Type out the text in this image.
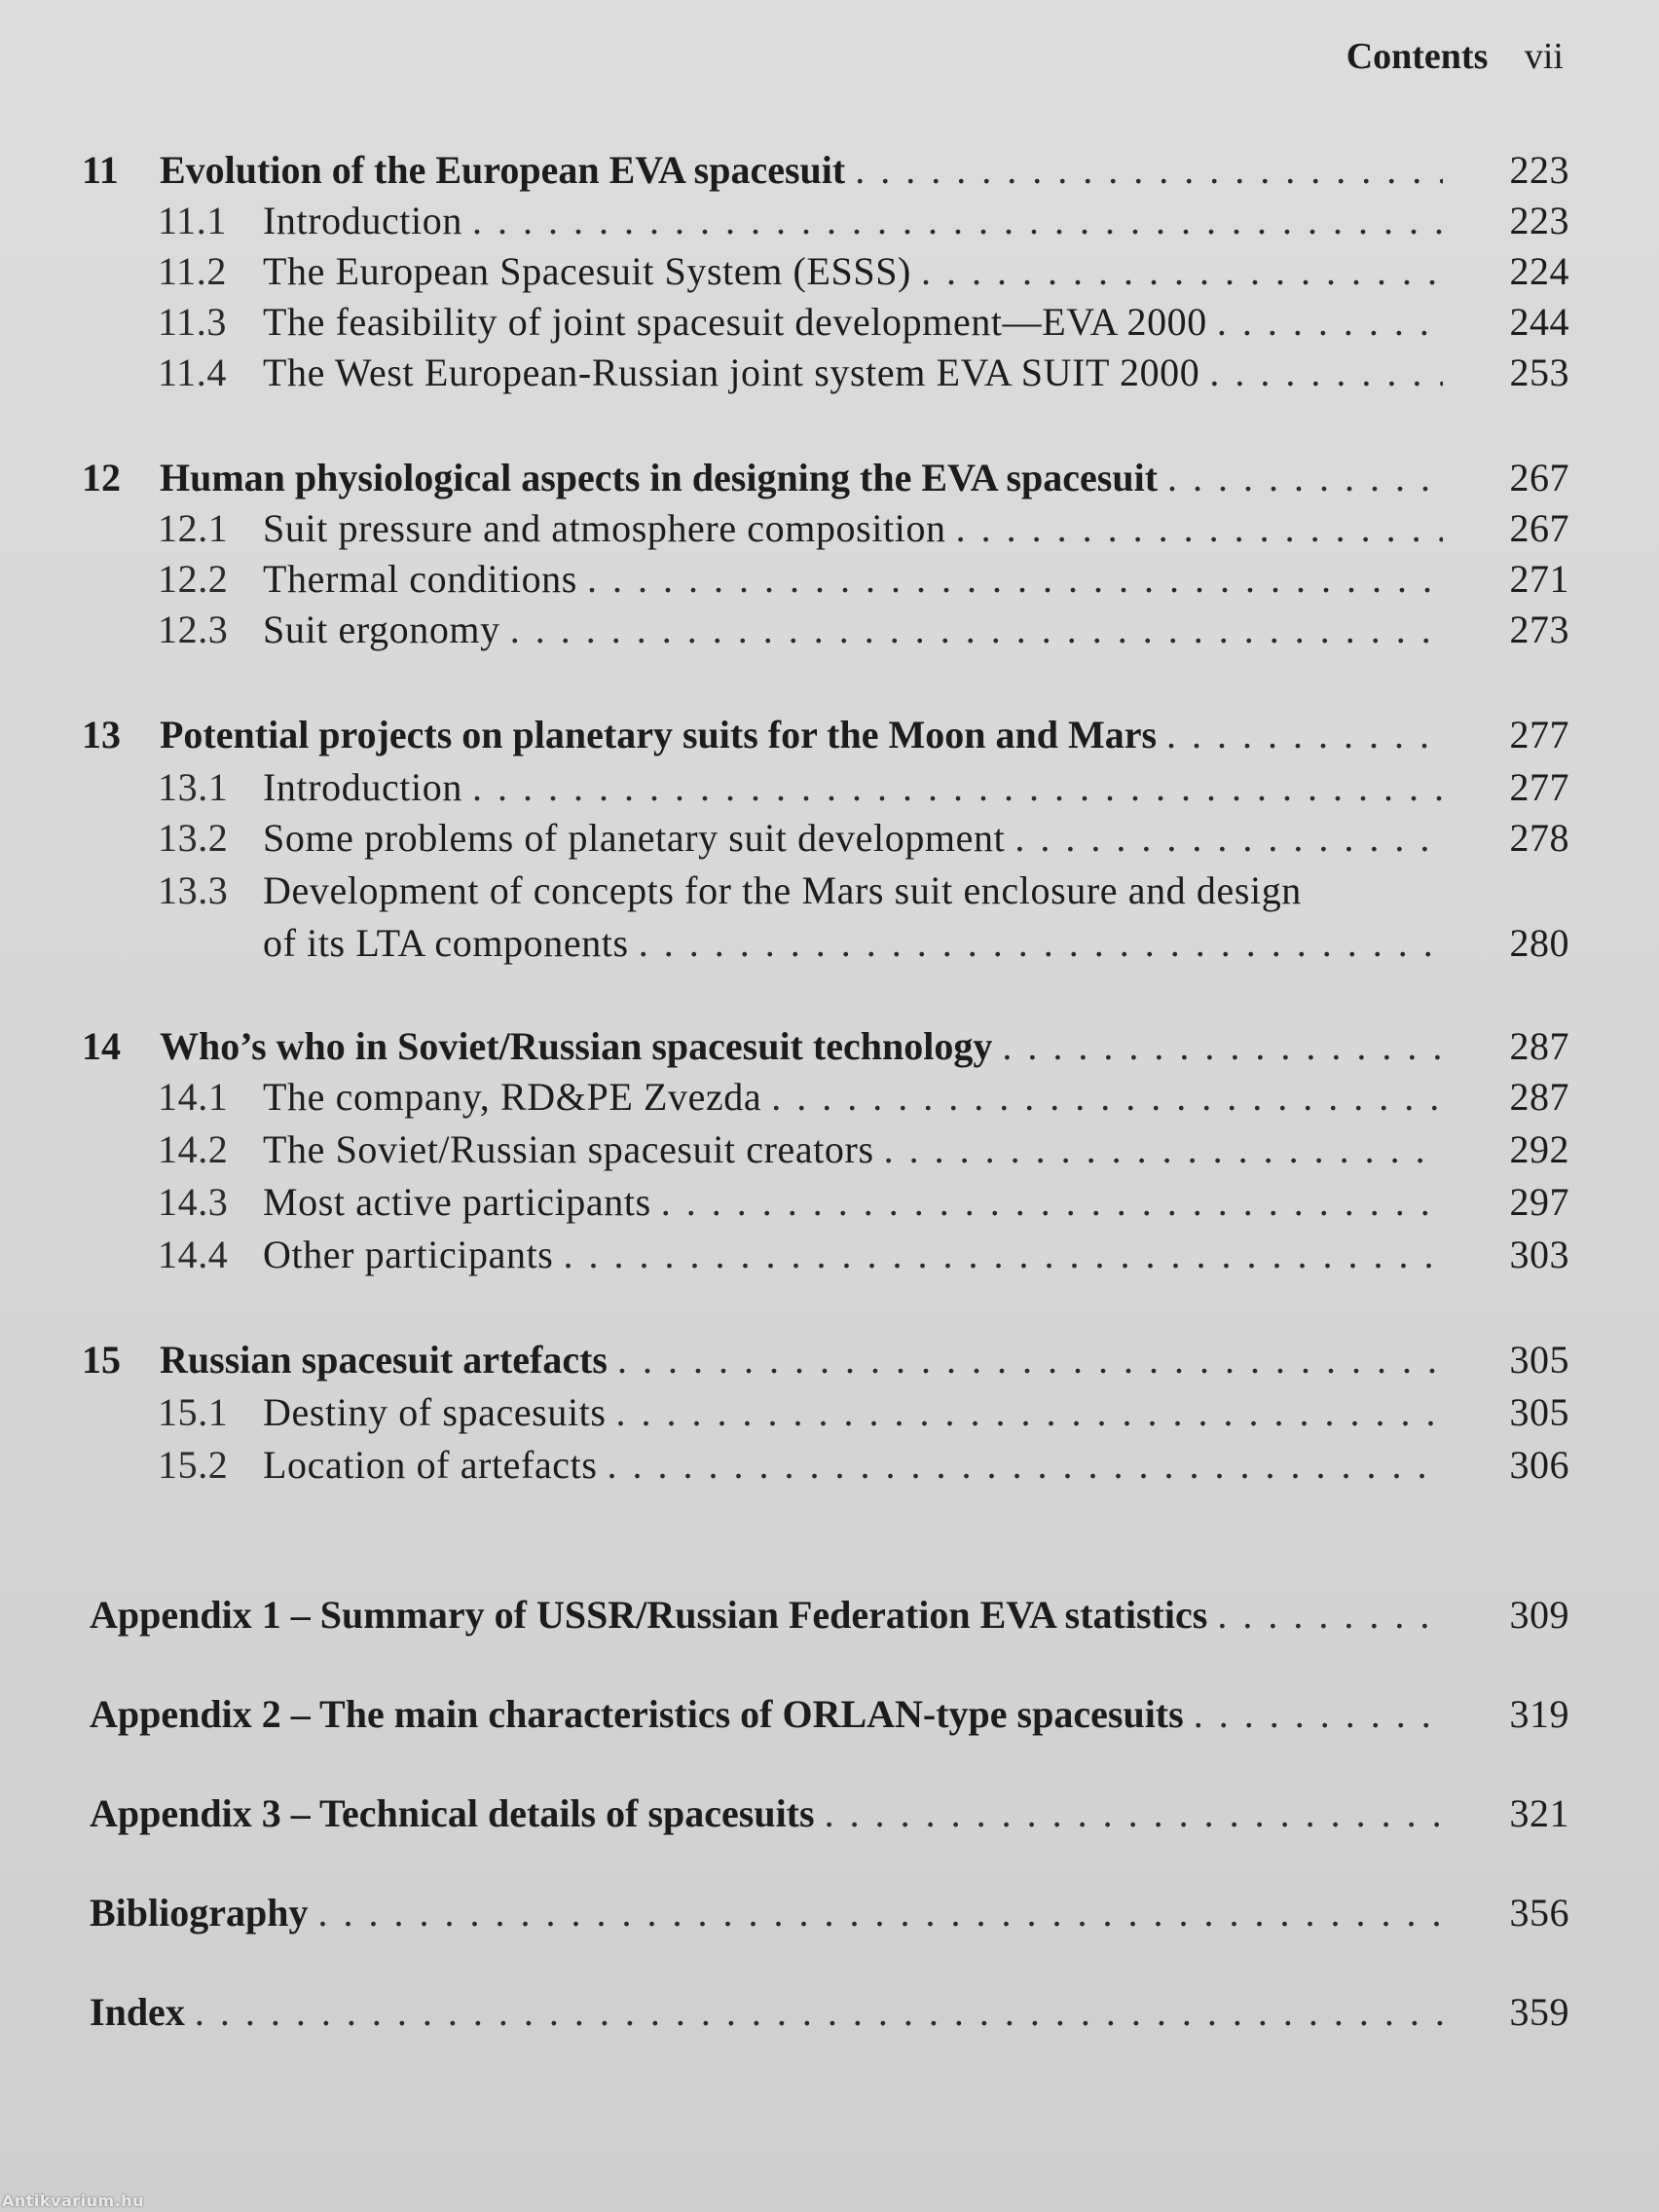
Contents vii
11	Evolution of the European EVA spacesuit . . .	223
11.1 Introduction . . .	223
11.2 The European Spacesuit System (ESSS) . . .	224
11.3 The feasibility of joint spacesuit development—EVA 2000 . . .	244
11.4 The West European-Russian joint system EVA SUIT 2000 . . .	253
12	Human physiological aspects in designing the EVA spacesuit . . .	267
12.1 Suit pressure and atmosphere composition . . .	267
12.2 Thermal conditions . . .	271
12.3 Suit ergonomy . . .	273
13	Potential projects on planetary suits for the Moon and Mars . . .	277
13.1 Introduction . . .	277
13.2 Some problems of planetary suit development . . .	278
13.3 Development of concepts for the Mars suit enclosure and design
of its LTA components . . .	280
14	Who’s who in Soviet/Russian spacesuit technology . . .	287
14.1 The company, RD&PE Zvezda . . .	287
14.2 The Soviet/Russian spacesuit creators . . .	292
14.3 Most active participants . . .	297
14.4 Other participants . . .	303
15	Russian spacesuit artefacts . . .	305
15.1 Destiny of spacesuits . . .	305
15.2 Location of artefacts . . .	306
Appendix 1 – Summary of USSR/Russian Federation EVA statistics . . .	309
Appendix 2 – The main characteristics of ORLAN-type spacesuits . . .	319
Appendix 3 – Technical details of spacesuits . . .	321
Bibliography . . .	356
Index . . .	359
Antikvarium.hu
